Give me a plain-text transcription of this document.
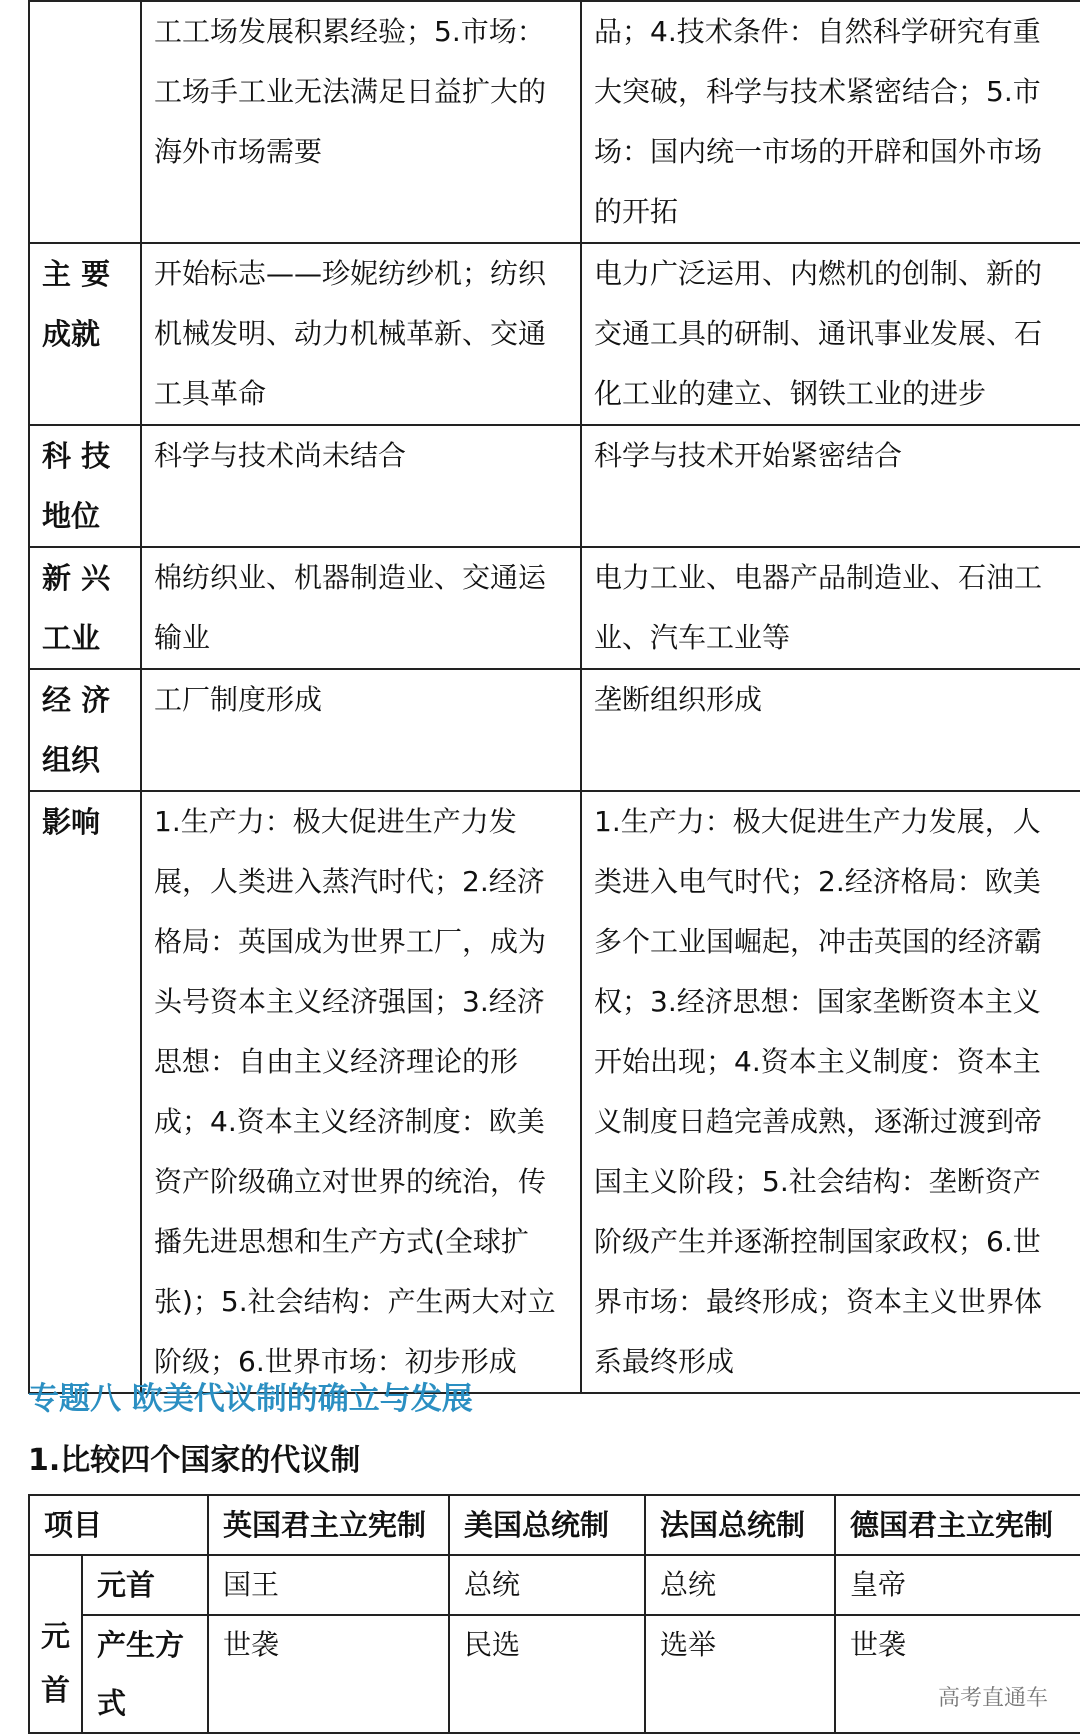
	工工场发展积累经验；5.市场：工场手工业无法满足日益扩大的海外市场需要	品；4.技术条件：自然科学研究有重大突破，科学与技术紧密结合；5.市场：国内统一市场的开辟和国外市场的开拓
主 要成就	开始标志——珍妮纺纱机；纺织机械发明、动力机械革新、交通工具革命	电力广泛运用、内燃机的创制、新的交通工具的研制、通讯事业发展、石化工业的建立、钢铁工业的进步
科 技地位	科学与技术尚未结合	科学与技术开始紧密结合
新 兴工业	棉纺织业、机器制造业、交通运输业	电力工业、电器产品制造业、石油工业、汽车工业等
经 济组织	工厂制度形成	垄断组织形成
影响	1.生产力：极大促进生产力发展，人类进入蒸汽时代；2.经济格局：英国成为世界工厂，成为头号资本主义经济强国；3.经济思想：自由主义经济理论的形成；4.资本主义经济制度：欧美资产阶级确立对世界的统治，传播先进思想和生产方式(全球扩张)；5.社会结构：产生两大对立阶级；6.世界市场：初步形成	1.生产力：极大促进生产力发展，人类进入电气时代；2.经济格局：欧美多个工业国崛起，冲击英国的经济霸权；3.经济思想：国家垄断资本主义开始出现；4.资本主义制度：资本主义制度日趋完善成熟，逐渐过渡到帝国主义阶段；5.社会结构：垄断资产阶级产生并逐渐控制国家政权；6.世界市场：最终形成；资本主义世界体系最终形成
专题八 欧美代议制的确立与发展
1.比较四个国家的代议制
项目		英国君主立宪制	美国总统制	法国总统制	德国君主立宪制
元首	元首	国王	总统	总统	皇帝
	产生方式	世袭	民选	选举	世袭
高考直通车
